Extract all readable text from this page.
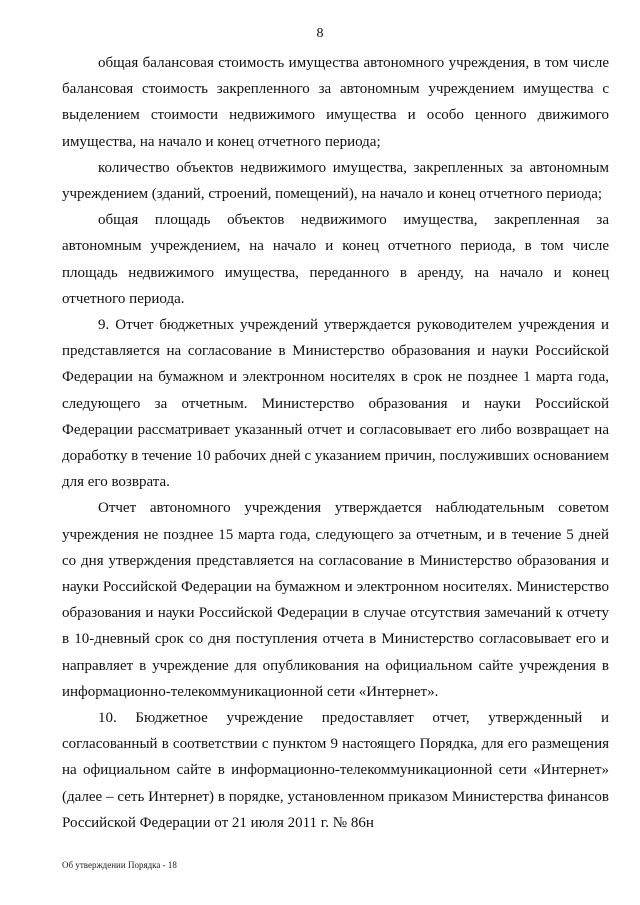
8

общая балансовая стоимость имущества автономного учреждения, в том числе балансовая стоимость закрепленного за автономным учреждением имущества с выделением стоимости недвижимого имущества и особо ценного движимого имущества, на начало и конец отчетного периода;

количество объектов недвижимого имущества, закрепленных за автономным учреждением (зданий, строений, помещений), на начало и конец отчетного периода;

общая площадь объектов недвижимого имущества, закрепленная за автономным учреждением, на начало и конец отчетного периода, в том числе площадь недвижимого имущества, переданного в аренду, на начало и конец отчетного периода.

9. Отчет бюджетных учреждений утверждается руководителем учреждения и представляется на согласование в Министерство образования и науки Российской Федерации на бумажном и электронном носителях в срок не позднее 1 марта года, следующего за отчетным. Министерство образования и науки Российской Федерации рассматривает указанный отчет и согласовывает его либо возвращает на доработку в течение 10 рабочих дней с указанием причин, послуживших основанием для его возврата.

Отчет автономного учреждения утверждается наблюдательным советом учреждения не позднее 15 марта года, следующего за отчетным, и в течение 5 дней со дня утверждения представляется на согласование в Министерство образования и науки Российской Федерации на бумажном и электронном носителях. Министерство образования и науки Российской Федерации в случае отсутствия замечаний к отчету в 10-дневный срок со дня поступления отчета в Министерство согласовывает его и направляет в учреждение для опубликования на официальном сайте учреждения в информационно-телекоммуникационной сети «Интернет».

10. Бюджетное учреждение предоставляет отчет, утвержденный и согласованный в соответствии с пунктом 9 настоящего Порядка, для его размещения на официальном сайте в информационно-телекоммуникационной сети «Интернет» (далее – сеть Интернет) в порядке, установленном приказом Министерства финансов Российской Федерации от 21 июля 2011 г. № 86н

Об утверждении Порядка - 18
